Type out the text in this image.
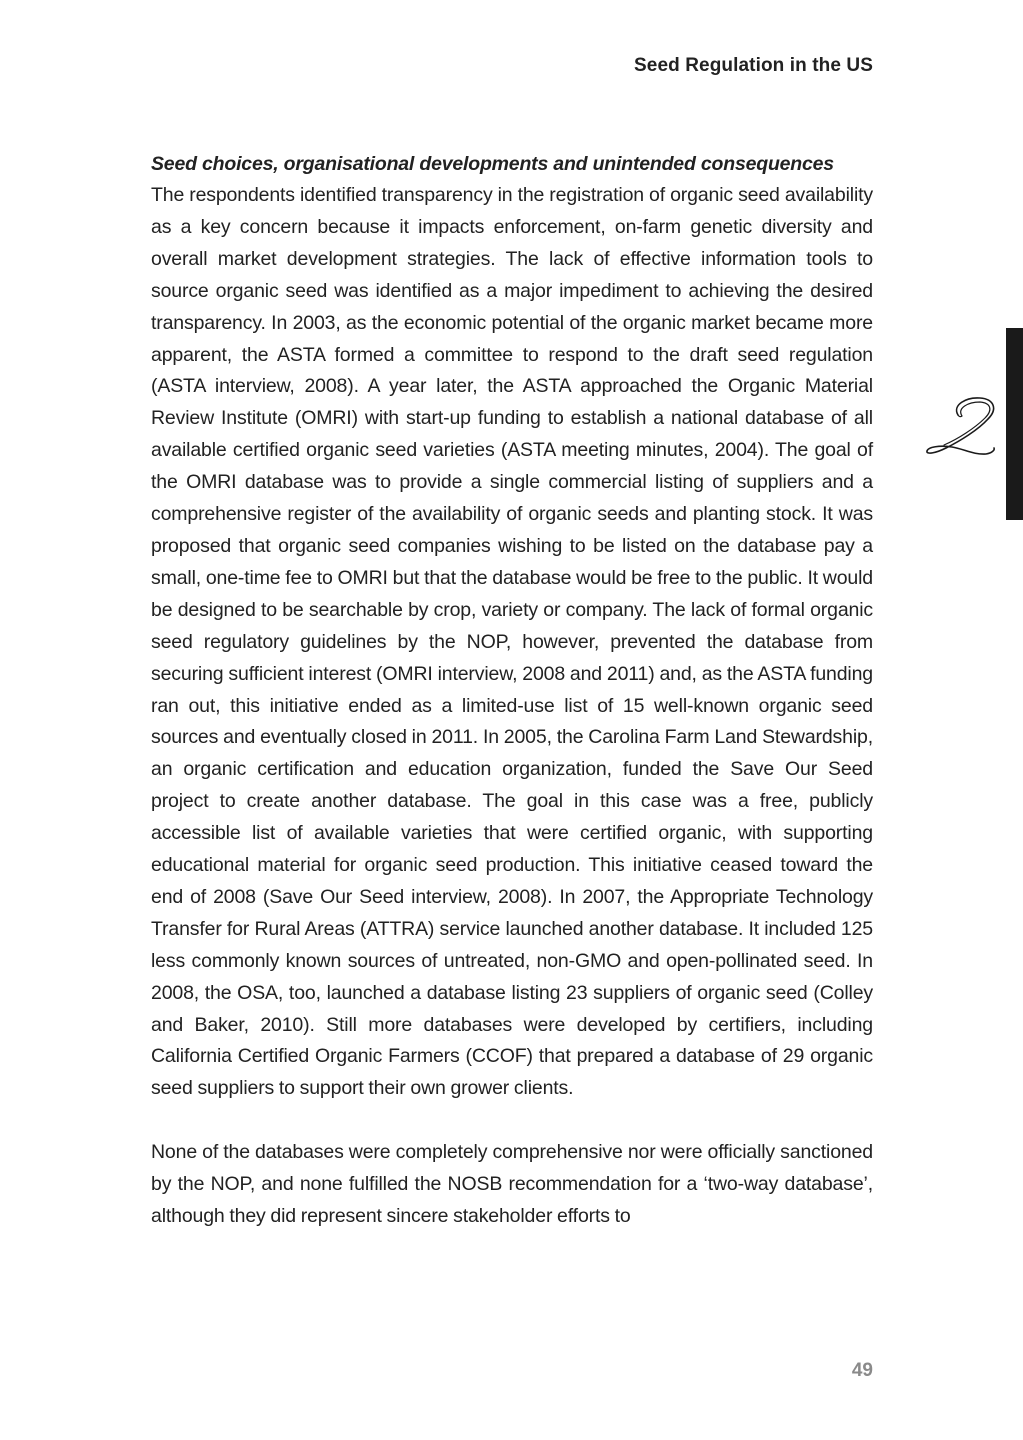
Seed Regulation in the US

Seed choices, organisational developments and unintended consequences

The respondents identified transparency in the registration of organic seed availability as a key concern because it impacts enforcement, on-farm genetic diversity and overall market development strategies. The lack of effective information tools to source organic seed was identified as a major impediment to achieving the desired transparency. In 2003, as the economic potential of the organic market became more apparent, the ASTA formed a committee to respond to the draft seed regulation (ASTA interview, 2008). A year later, the ASTA approached the Organic Material Review Institute (OMRI) with start-up funding to establish a national database of all available certified organic seed varieties (ASTA meeting minutes, 2004). The goal of the OMRI database was to provide a single commercial listing of suppliers and a comprehensive register of the availability of organic seeds and planting stock. It was proposed that organic seed companies wishing to be listed on the database pay a small, one-time fee to OMRI but that the database would be free to the public. It would be designed to be searchable by crop, variety or company. The lack of formal organic seed regulatory guidelines by the NOP, however, prevented the database from securing sufficient interest (OMRI interview, 2008 and 2011) and, as the ASTA funding ran out, this initiative ended as a limited-use list of 15 well-known organic seed sources and eventually closed in 2011. In 2005, the Carolina Farm Land Stewardship, an organic certification and education organization, funded the Save Our Seed project to create another database. The goal in this case was a free, publicly accessible list of available varieties that were certified organic, with supporting educational material for organic seed production. This initiative ceased toward the end of 2008 (Save Our Seed interview, 2008). In 2007, the Appropriate Technology Transfer for Rural Areas (ATTRA) service launched another database. It included 125 less commonly known sources of untreated, non-GMO and open-pollinated seed. In 2008, the OSA, too, launched a database listing 23 suppliers of organic seed (Colley and Baker, 2010). Still more databases were developed by certifiers, including California Certified Organic Farmers (CCOF) that prepared a database of 29 organic seed suppliers to support their own grower clients.

None of the databases were completely comprehensive nor were officially sanctioned by the NOP, and none fulfilled the NOSB recommendation for a ‘two-way database’, although they did represent sincere stakeholder efforts to

49
